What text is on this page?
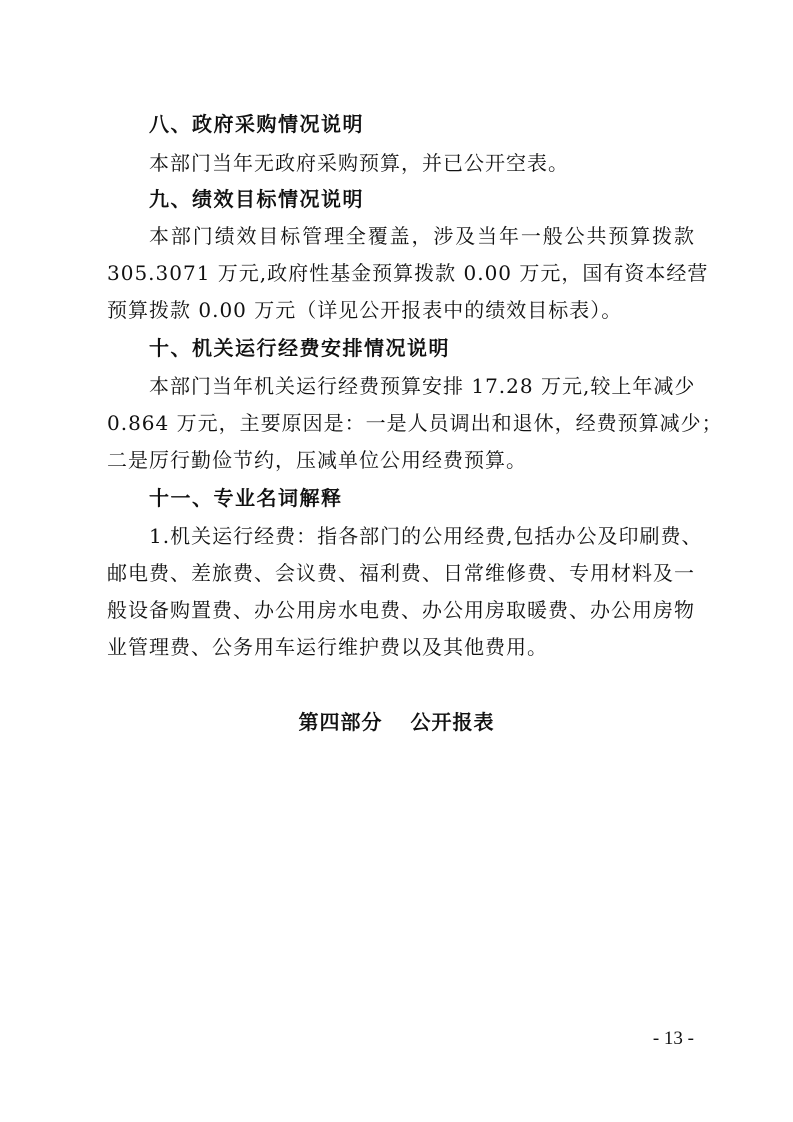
八、政府采购情况说明
本部门当年无政府采购预算，并已公开空表。
九、绩效目标情况说明
本部门绩效目标管理全覆盖，涉及当年一般公共预算拨款
305.3071 万元,政府性基金预算拨款 0.00 万元，国有资本经营
预算拨款 0.00 万元（详见公开报表中的绩效目标表）。
十、机关运行经费安排情况说明
本部门当年机关运行经费预算安排 17.28 万元,较上年减少
0.864 万元，主要原因是：一是人员调出和退休，经费预算减少；
二是厉行勤俭节约，压减单位公用经费预算。
十一、专业名词解释
1.机关运行经费：指各部门的公用经费,包括办公及印刷费、
邮电费、差旅费、会议费、福利费、日常维修费、专用材料及一
般设备购置费、办公用房水电费、办公用房取暖费、办公用房物
业管理费、公务用车运行维护费以及其他费用。
第四部分 公开报表
- 13 -
